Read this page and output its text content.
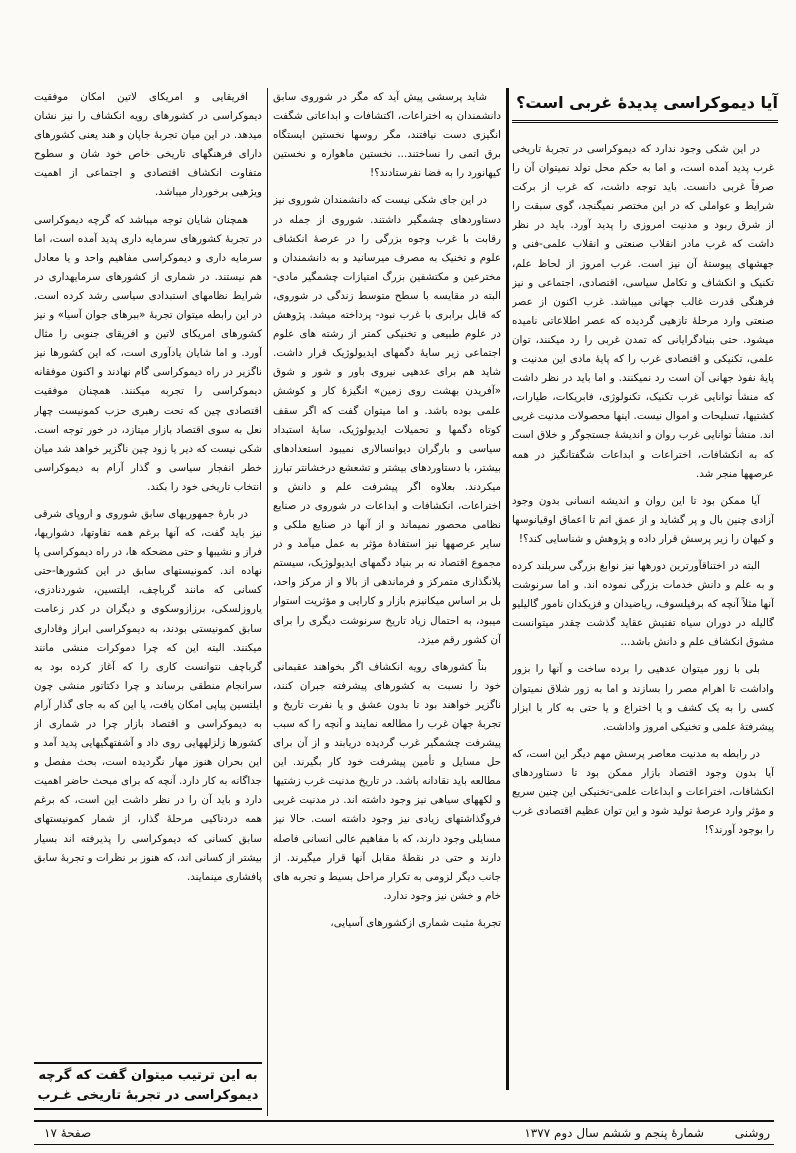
آیا دیموکراسی پدیدهٔ غربی است؟

در این شکی وجود ندارد که دیموکراسی در تجربهٔ تاریخی غرب پدید آمده است، و اما به حکم محل تولد نمیتوان آن را صرفاً غربی دانست. باید توجه داشت، که غرب از برکت شرایط و عواملی که در این مختصر نمیگنجد، گوی سبقت را از شرق ربود و مدنیت امروزی را پدید آورد. باید در نظر داشت که غرب مادر انقلاب صنعتی و انقلاب علمی-فنی و جهشهای پیوستهٔ آن نیز است. غرب امروز از لحاظ علم، تکنیک و انکشاف و تکامل سیاسی، اقتصادی، اجتماعی و نیز فرهنگی قدرت غالب جهانی میباشد. غرب اکنون از عصر صنعتی وارد مرحلهٔ تازهیی گردیده که عصر اطلاعاتی نامیده میشود. حتی بنیادگرایانی که تمدن غربی را رد میکنند، توان علمی، تکنیکی و اقتصادی غرب را که پایهٔ مادی این مدنیت و پایهٔ نفوذ جهانی آن است رد نمیکنند. و اما باید در نظر داشت که منشأ توانایی غرب تکنیک، تکنولوژی، فابریکات، طیارات، کشتیها، تسلیحات و اموال نیست. اینها محصولات مدنیت غربی اند. منشأ توانایی غرب روان و اندیشهٔ جستجوگر و خلاق است که به انکشافات، اختراعات و ابداعات شگفتانگیز در همه عرصهها منجر شد.

آیا ممکن بود تا این روان و اندیشه انسانی بدون وجود آزادی چنین بال و پر گشاید و از عمق اتم تا اعماق اوقیانوسها و کیهان را زیر پرسش قرار داده و پژوهش و شناسایی کند؟!

البته در اختناقآورترین دورهها نیز نوابغ بزرگی سربلند کرده و به علم و دانش خدمات بزرگی نموده اند. و اما سرنوشت آنها مثلاً آنچه که برفیلسوف، ریاضیدان و فزیکدان نامور گالیلیو گالیله در دوران سیاه تفتیش عقاید گذشت چقدر میتوانست مشوق انکشاف علم و دانش باشد...

بلی با زور میتوان عدهیی را برده ساخت و آنها را بزور واداشت تا اهرام مصر را بسازند و اما به زور شلاق نمیتوان کسی را به یک کشف و یا اختراع و یا حتی به کار با ابزار پیشرفتهٔ علمی و تخنیکی امروز واداشت.

در رابطه به مدنیت معاصر پرسش مهم دیگر این است، که آیا بدون وجود اقتصاد بازار ممکن بود تا دستاوردهای انکشافات، اختراعات و ابداعات علمی-تخنیکی این چنین سریع و مؤثر وارد عرصهٔ تولید شود و این توان عظیم اقتصادی غرب را بوجود آورند؟!

شاید پرسشی پیش آید که مگر در شوروی سابق دانشمندان به اختراعات، اکتشافات و ابداعاتی شگفت انگیزی دست نیافتند، مگر روسها نخستین ایستگاه برق اتمی را نساختند... نخستین ماهواره و نخستین کیهانورد را به فضا نفرستادند؟!

در این جای شکی نیست که دانشمندان شوروی نیز دستاوردهای چشمگیر داشتند. شوروی از جمله در رقابت با غرب وجوه بزرگی را در عرصهٔ انکشاف علوم و تخنیک به مصرف میرسانید و به دانشمندان و مخترعین و مکتشفین بزرگ امتیازات چشمگیر مادی-البته در مقایسه با سطح متوسط زندگی در شوروی، که قابل برابری با غرب نبود- پرداخته میشد. پژوهش در علوم طبیعی و تخنیکی کمتر از رشته های علوم اجتماعی زیر سایهٔ دگمهای ایدیولوژیک قرار داشت. شاید هم برای عدهیی نیروی باور و شور و شوق «آفریدن بهشت روی زمین» انگیزهٔ کار و کوشش علمی بوده باشد. و اما میتوان گفت که اگر سقف کوتاه دگمها و تحمیلات ایدیولوژیک، سایهٔ استبداد سیاسی و بارگران دیوانسالاری نمیبود استعدادهای بیشتر، با دستاوردهای بیشتر و تشعشع درخشانتر تبارز میکردند. بعلاوه اگر پیشرفت علم و دانش و اختراعات، انکشافات و ابداعات در شوروی در صنایع نظامی محصور نمیماند و از آنها در صنایع ملکی و سایر عرصهها نیز استفادهٔ مؤثر به عمل میآمد و در مجموع اقتصاد نه بر بنیاد دگمهای ایدیولوژیک، سیستم پلانگذاری متمرکز و فرماندهی از بالا و از مرکز واحد، بل بر اساس میکانیزم بازار و کارایی و مؤثریت استوار میبود، به احتمال زیاد تاریخ سرنوشت دیگری را برای آن کشور رقم میزد.

بناً کشورهای رویه انکشاف اگر بخواهند عقبمانی خود را نسبت به کشورهای پیشرفته جبران کنند، ناگزیر خواهند بود تا بدون عشق و یا نفرت تاریخ و تجربهٔ جهان غرب را مطالعه نمایند و آنچه را که سبب پیشرفت چشمگیر غرب گردیده دریابند و از آن برای حل مسایل و تأمین پیشرفت خود کار بگیرند. این مطالعه باید نقادانه باشد. در تاریخ مدنیت غرب زشتیها و لکههای سیاهی نیز وجود داشته اند. در مدنیت غربی فروگذاشتهای زیادی نیز وجود داشته است. حالا نیز مسایلی وجود دارند، که با مفاهیم عالی انسانی فاصله دارند و حتی در نقطهٔ مقابل آنها قرار میگیرند. از جانب دیگر لزومی به تکرار مراحل بسیط و تجربه های خام و خشن نیز وجود ندارد.

تجربهٔ مثبت شماری ازکشورهای آسیایی،

افریقایی و امریکای لاتین امکان موفقیت دیموکراسی در کشورهای رویه انکشاف را نیز نشان میدهد. در این میان تجربهٔ جاپان و هند یعنی کشورهای دارای فرهنگهای تاریخی خاص خود شان و سطوح متفاوت انکشاف اقتصادی و اجتماعی از اهمیت ویژهیی برخوردار میباشد.

همچنان شایان توجه میباشد که گرچه دیموکراسی در تجربهٔ کشورهای سرمایه داری پدید آمده است، اما سرمایه داری و دیموکراسی مفاهیم واحد و یا معادل هم نیستند. در شماری از کشورهای سرمایهداری در شرایط نظامهای استبدادی سیاسی رشد کرده است. در این رابطه میتوان تجربهٔ «ببرهای جوان آسیا» و نیز کشورهای امریکای لاتین و افریقای جنوبی را مثال آورد. و اما شایان یادآوری است، که این کشورها نیز ناگزیر در راه دیموکراسی گام نهادند و اکنون موفقانه دیموکراسی را تجربه میکنند. همچنان موفقیت اقتصادی چین که تحت رهبری حزب کمونیست چهار نعل به سوی اقتصاد بازار میتازد، در خور توجه است. شکی نیست که دیر یا زود چین ناگزیر خواهد شد میان خطر انفجار سیاسی و گذار آرام به دیموکراسی انتخاب تاریخی خود را بکند.

در بارهٔ جمهوریهای سابق شوروی و اروپای شرقی نیز باید گفت، که آنها برغم همه تفاوتها، دشواریها، فراز و نشیبها و حتی مضحکه ها، در راه دیموکراسی پا نهاده اند. کمونیستهای سابق در این کشورها-حتی کسانی که مانند گرباچف، ایلتسین، شوردنادزی، یاروزلسکی، برزازوسکوی و دیگران در کدر زعامت سابق کمونیستی بودند، به دیموکراسی ابراز وفاداری میکنند. البته این که چرا دموکرات منشی مانند گرباچف نتوانست کاری را که آغاز کرده بود به سرانجام منطقی برساند و چرا دکتاتور منشی چون ایلتسین پیاپی امکان یافت، یا این که به جای گذار آرام به دیموکراسی و اقتصاد بازار چرا در شماری از کشورها زلزلههایی روی داد و آشفتهگیهایی پدید آمد و این بحران هنوز مهار نگردیده است، بحث مفصل و جداگانه به کار دارد. آنچه که برای مبحث حاضر اهمیت دارد و باید آن را در نظر داشت این است، که برغم همه دردناکیی مرحلهٔ گذار، از شمار کمونیستهای سابق کسانی که دیموکراسی را پذیرفته اند بسیار بیشتر از کسانی اند، که هنوز بر نظرات و تجربهٔ سابق پافشاری مینمایند.

به این ترتیب میتوان گفت که گرچه
دیموکراسی در تجربهٔ تاریخی غـرب
روشنی
شمارهٔ پنجم و ششم سال دوم ۱۳۷۷
صفحهٔ ۱۷
